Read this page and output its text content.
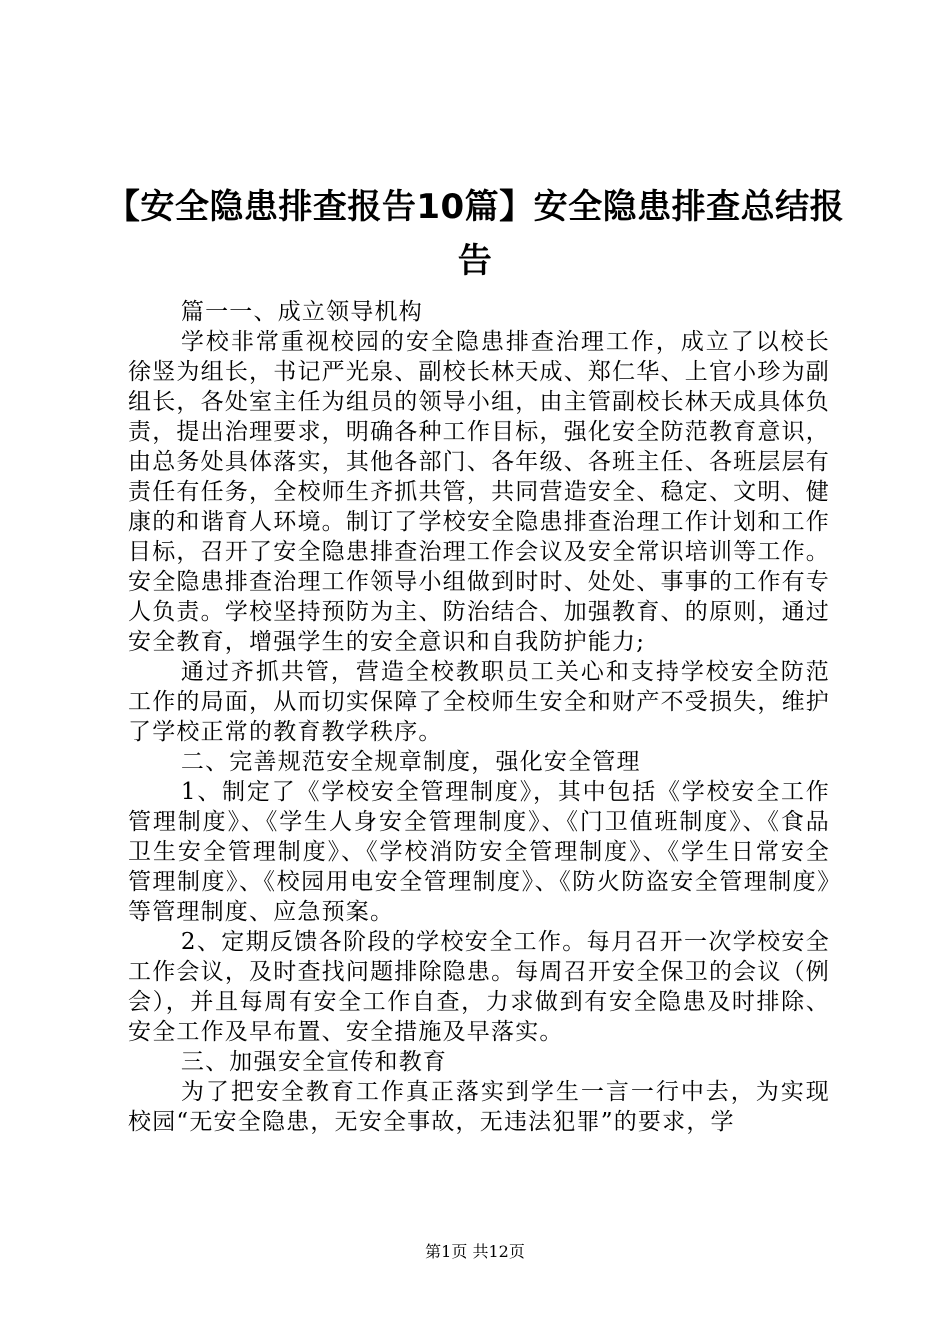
【安全隐患排查报告10篇】安全隐患排查总结报告

篇一一、成立领导机构

学校非常重视校园的安全隐患排查治理工作，成立了以校长徐竖为组长，书记严光泉、副校长林天成、郑仁华、上官小珍为副组长，各处室主任为组员的领导小组，由主管副校长林天成具体负责，提出治理要求，明确各种工作目标，强化安全防范教育意识，由总务处具体落实，其他各部门、各年级、各班主任、各班层层有责任有任务，全校师生齐抓共管，共同营造安全、稳定、文明、健康的和谐育人环境。制订了学校安全隐患排查治理工作计划和工作目标，召开了安全隐患排查治理工作会议及安全常识培训等工作。安全隐患排查治理工作领导小组做到时时、处处、事事的工作有专人负责。学校坚持预防为主、防治结合、加强教育、的原则，通过安全教育，增强学生的安全意识和自我防护能力;

通过齐抓共管，营造全校教职员工关心和支持学校安全防范工作的局面，从而切实保障了全校师生安全和财产不受损失，维护了学校正常的教育教学秩序。

二、完善规范安全规章制度，强化安全管理

1、制定了《学校安全管理制度》，其中包括《学校安全工作管理制度》、《学生人身安全管理制度》、《门卫值班制度》、《食品卫生安全管理制度》、《学校消防安全管理制度》、《学生日常安全管理制度》、《校园用电安全管理制度》、《防火防盗安全管理制度》等管理制度、应急预案。

2、定期反馈各阶段的学校安全工作。每月召开一次学校安全工作会议，及时查找问题排除隐患。每周召开安全保卫的会议（例会），并且每周有安全工作自查，力求做到有安全隐患及时排除、安全工作及早布置、安全措施及早落实。

三、加强安全宣传和教育

为了把安全教育工作真正落实到学生一言一行中去，为实现校园“无安全隐患，无安全事故，无违法犯罪”的要求，学

第1页 共12页
